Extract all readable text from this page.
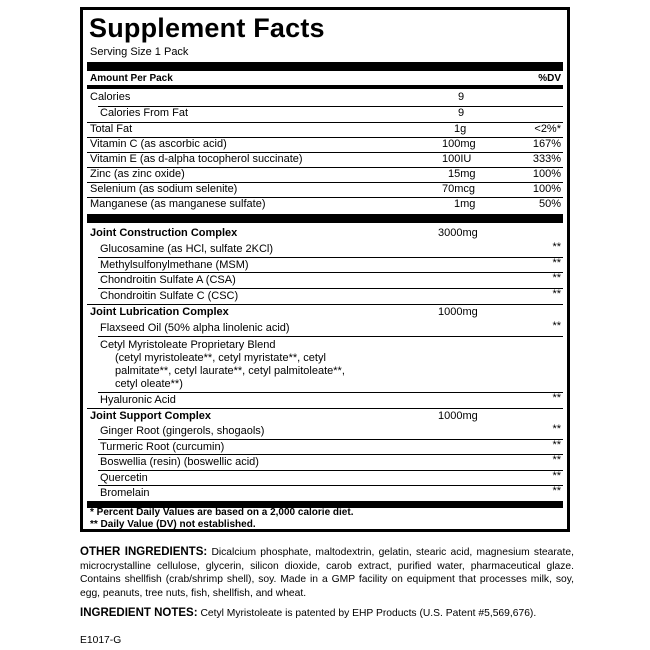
Supplement Facts
Serving Size 1 Pack
Amount Per Pack	%DV
Calories	9
Calories From Fat	9
Total Fat	1g	<2%*
Vitamin C (as ascorbic acid)	100mg	167%
Vitamin E (as d-alpha tocopherol succinate)	100IU	333%
Zinc (as zinc oxide)	15mg	100%
Selenium (as sodium selenite)	70mcg	100%
Manganese (as manganese sulfate)	1mg	50%
Joint Construction Complex	3000mg
Glucosamine (as HCl, sulfate 2KCl)	**
Methylsulfonylmethane (MSM)	**
Chondroitin Sulfate A (CSA)	**
Chondroitin Sulfate C (CSC)	**
Joint Lubrication Complex	1000mg
Flaxseed Oil (50% alpha linolenic acid)	**
Cetyl Myristoleate Proprietary Blend
(cetyl myristoleate**, cetyl myristate**, cetyl
palmitate**, cetyl laurate**, cetyl palmitoleate**,
cetyl oleate**)
Hyaluronic Acid	**
Joint Support Complex	1000mg
Ginger Root (gingerols, shogaols)	**
Turmeric Root (curcumin)	**
Boswellia (resin) (boswellic acid)	**
Quercetin	**
Bromelain	**
* Percent Daily Values are based on a 2,000 calorie diet.
** Daily Value (DV) not established.
OTHER INGREDIENTS: Dicalcium phosphate, maltodextrin, gelatin, stearic acid, magnesium stearate, microcrystalline cellulose, glycerin, silicon dioxide, carob extract, purified water, pharmaceutical glaze. Contains shellfish (crab/shrimp shell), soy. Made in a GMP facility on equipment that processes milk, soy, egg, peanuts, tree nuts, fish, shellfish, and wheat.
INGREDIENT NOTES: Cetyl Myristoleate is patented by EHP Products (U.S. Patent #5,569,676).
E1017-G
